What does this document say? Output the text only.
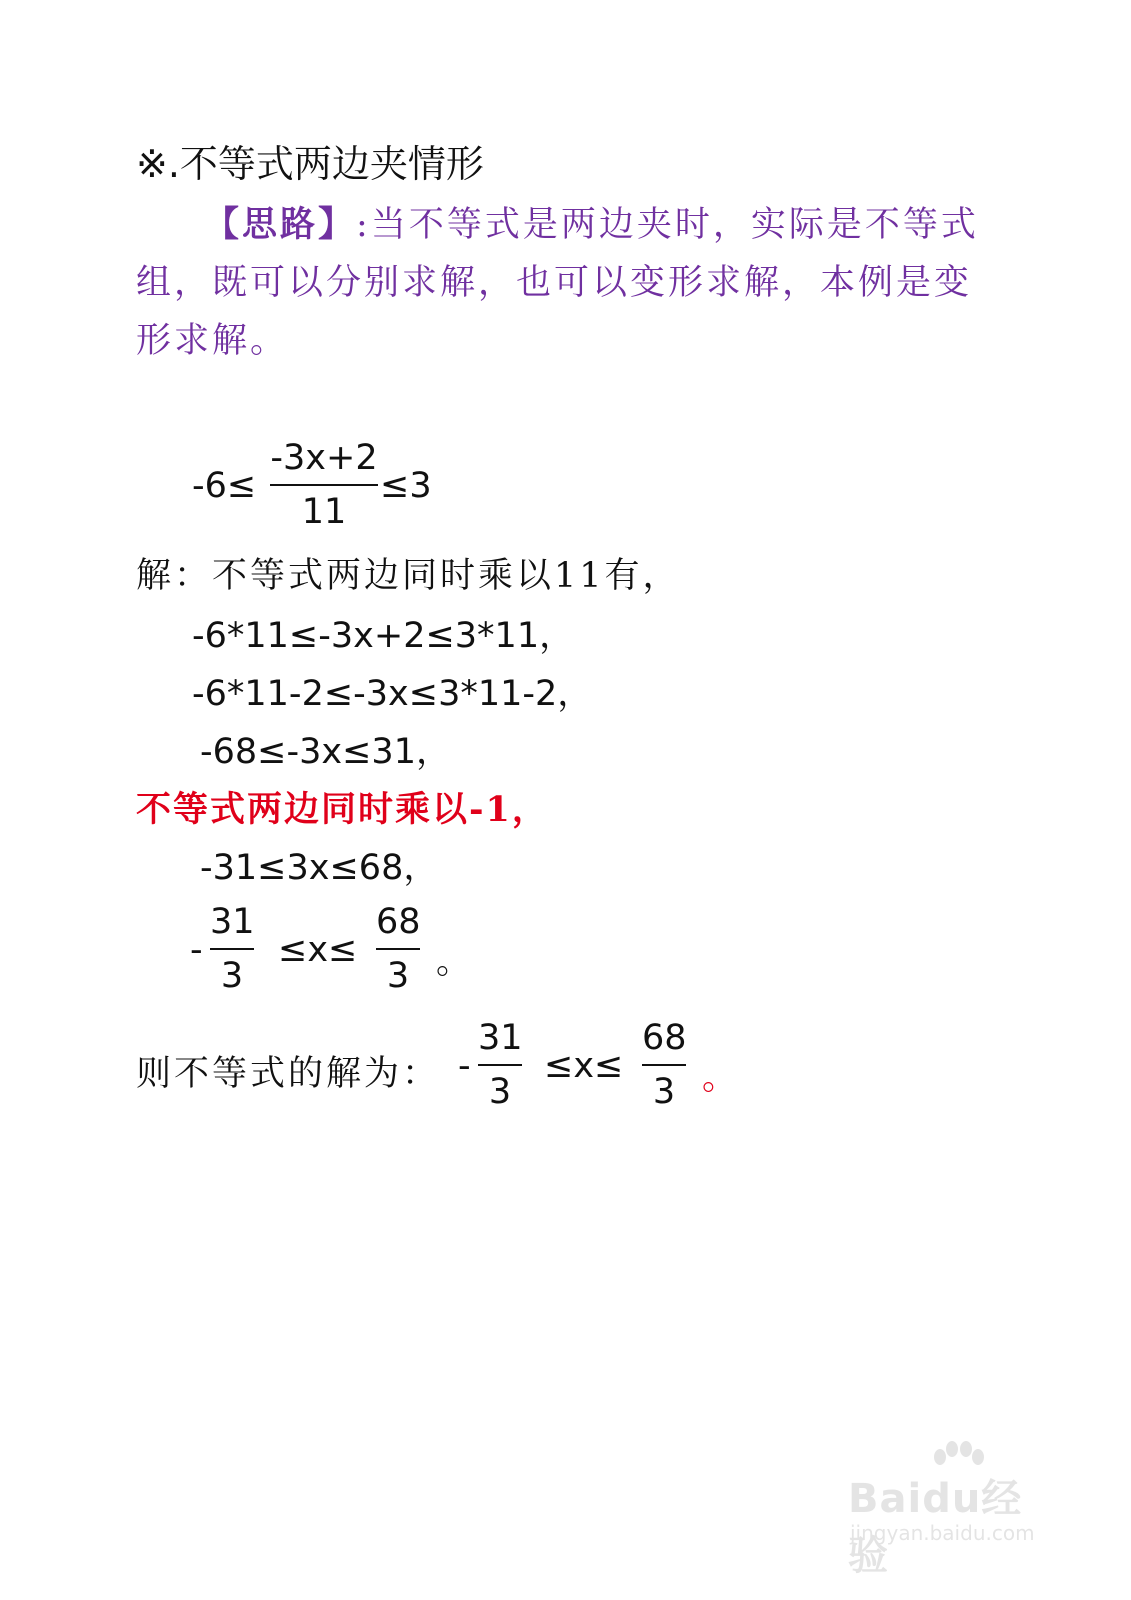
※.不等式两边夹情形
【思路】:当不等式是两边夹时，实际是不等式组，既可以分别求解，也可以变形求解，本例是变形求解。
-6≤
-3x+2
11
≤3
解：不等式两边同时乘以11有，
-6*11≤-3x+2≤3*11，
-6*11-2≤-3x≤3*11-2，
-68≤-3x≤31，
不等式两边同时乘以-1，
-31≤3x≤68，
-
31
3
≤x≤
68
3 。
则不等式的解为： -
31
3
≤x≤
68
3 。
Baidu经验
jingyan.baidu.com
